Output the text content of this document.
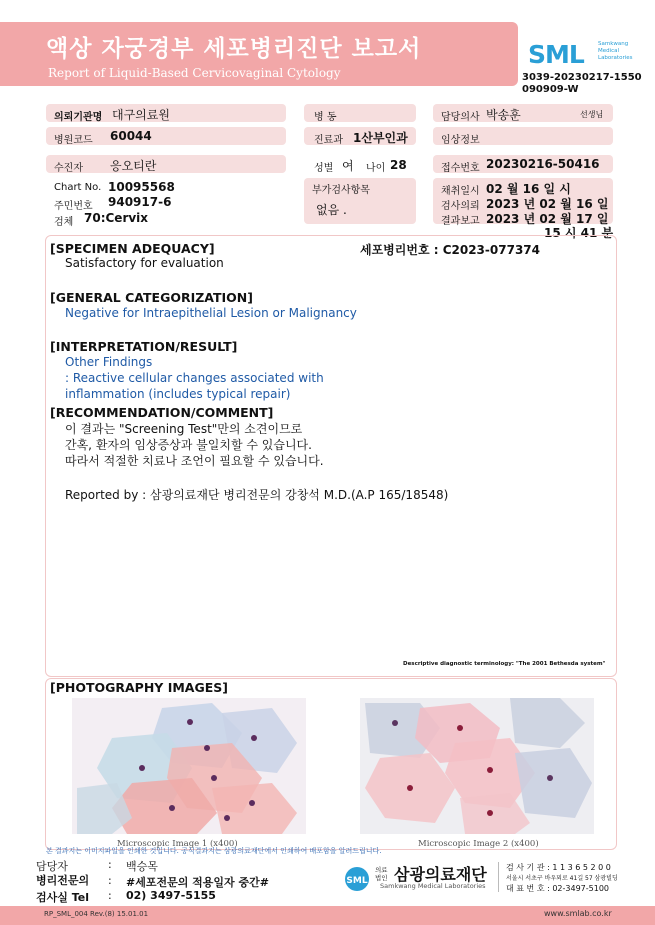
액상 자궁경부 세포병리진단 보고서
Report of Liquid-Based Cervicovaginal Cytology
SML	Samkwang
Medical
Laboratories
3039-20230217-1550
090909-W
의뢰기관명 대구의료원	병 동	담당의사 박송훈	선생님
병원코드 60044	진료과 1산부인과	임상정보
수진자 응오티란	성별 여 나이 28	접수번호 20230216-50416
Chart No. 10095568
주민번호 940917-6
검체 70:Cervix
부가검사항목
없음 .
채취일시 02 월 16 일 시
검사의뢰 2023 년 02 월 16 일
결과보고 2023 년 02 월 17 일
15 시 41 분
[SPECIMEN ADEQUACY]	세포병리번호 : C2023-077374
Satisfactory for evaluation
[GENERAL CATEGORIZATION]
Negative for Intraepithelial Lesion or Malignancy
[INTERPRETATION/RESULT]
Other Findings
: Reactive cellular changes associated with
inflammation (includes typical repair)
[RECOMMENDATION/COMMENT]
이 결과는 "Screening Test"만의 소견이므로
간혹, 환자의 임상증상과 불일치할 수 있습니다.
따라서 적절한 치료나 조언이 필요할 수 있습니다.
Reported by : 삼광의료재단 병리전문의 강창석 M.D.(A.P 165/18548)
Descriptive diagnostic terminology: "The 2001 Bethesda system"
[PHOTOGRAPHY IMAGES]
Microscopic Image 1 (x400)	Microscopic Image 2 (x400)
본 결과지는 이미지파일을 인쇄한 것입니다. 공식결과지는 삼광의료재단에서 인쇄하여 배포함을 알려드립니다.
담당자	: 백승목
병리전문의 : #세포전문의 적용일자 중간#
검사실 Tel : 02) 3497-5155
SML
의료법인 삼광의료재단
Samkwang Medical Laboratories
검 사 기 관 : 1 1 3 6 5 2 0 0
서울시 서초구 바우뫼로 41길 57 삼광빌딩
대 표 번 호 : 02-3497-5100
RP_SML_004 Rev.(8) 15.01.01	www.smlab.co.kr
